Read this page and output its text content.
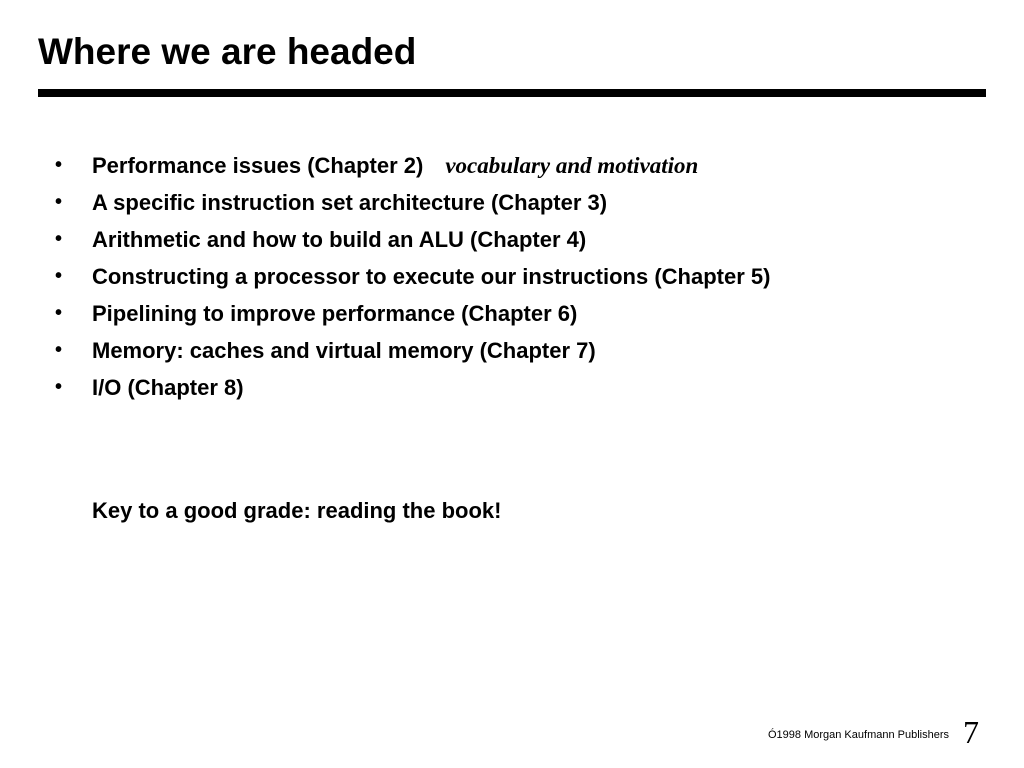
Where we are headed
• Performance issues (Chapter 2) vocabulary and motivation
• A specific instruction set architecture (Chapter 3)
• Arithmetic and how to build an ALU (Chapter 4)
• Constructing a processor to execute our instructions (Chapter 5)
• Pipelining to improve performance (Chapter 6)
• Memory: caches and virtual memory (Chapter 7)
• I/O (Chapter 8)

Key to a good grade: reading the book!

Ó1998 Morgan Kaufmann Publishers 7
